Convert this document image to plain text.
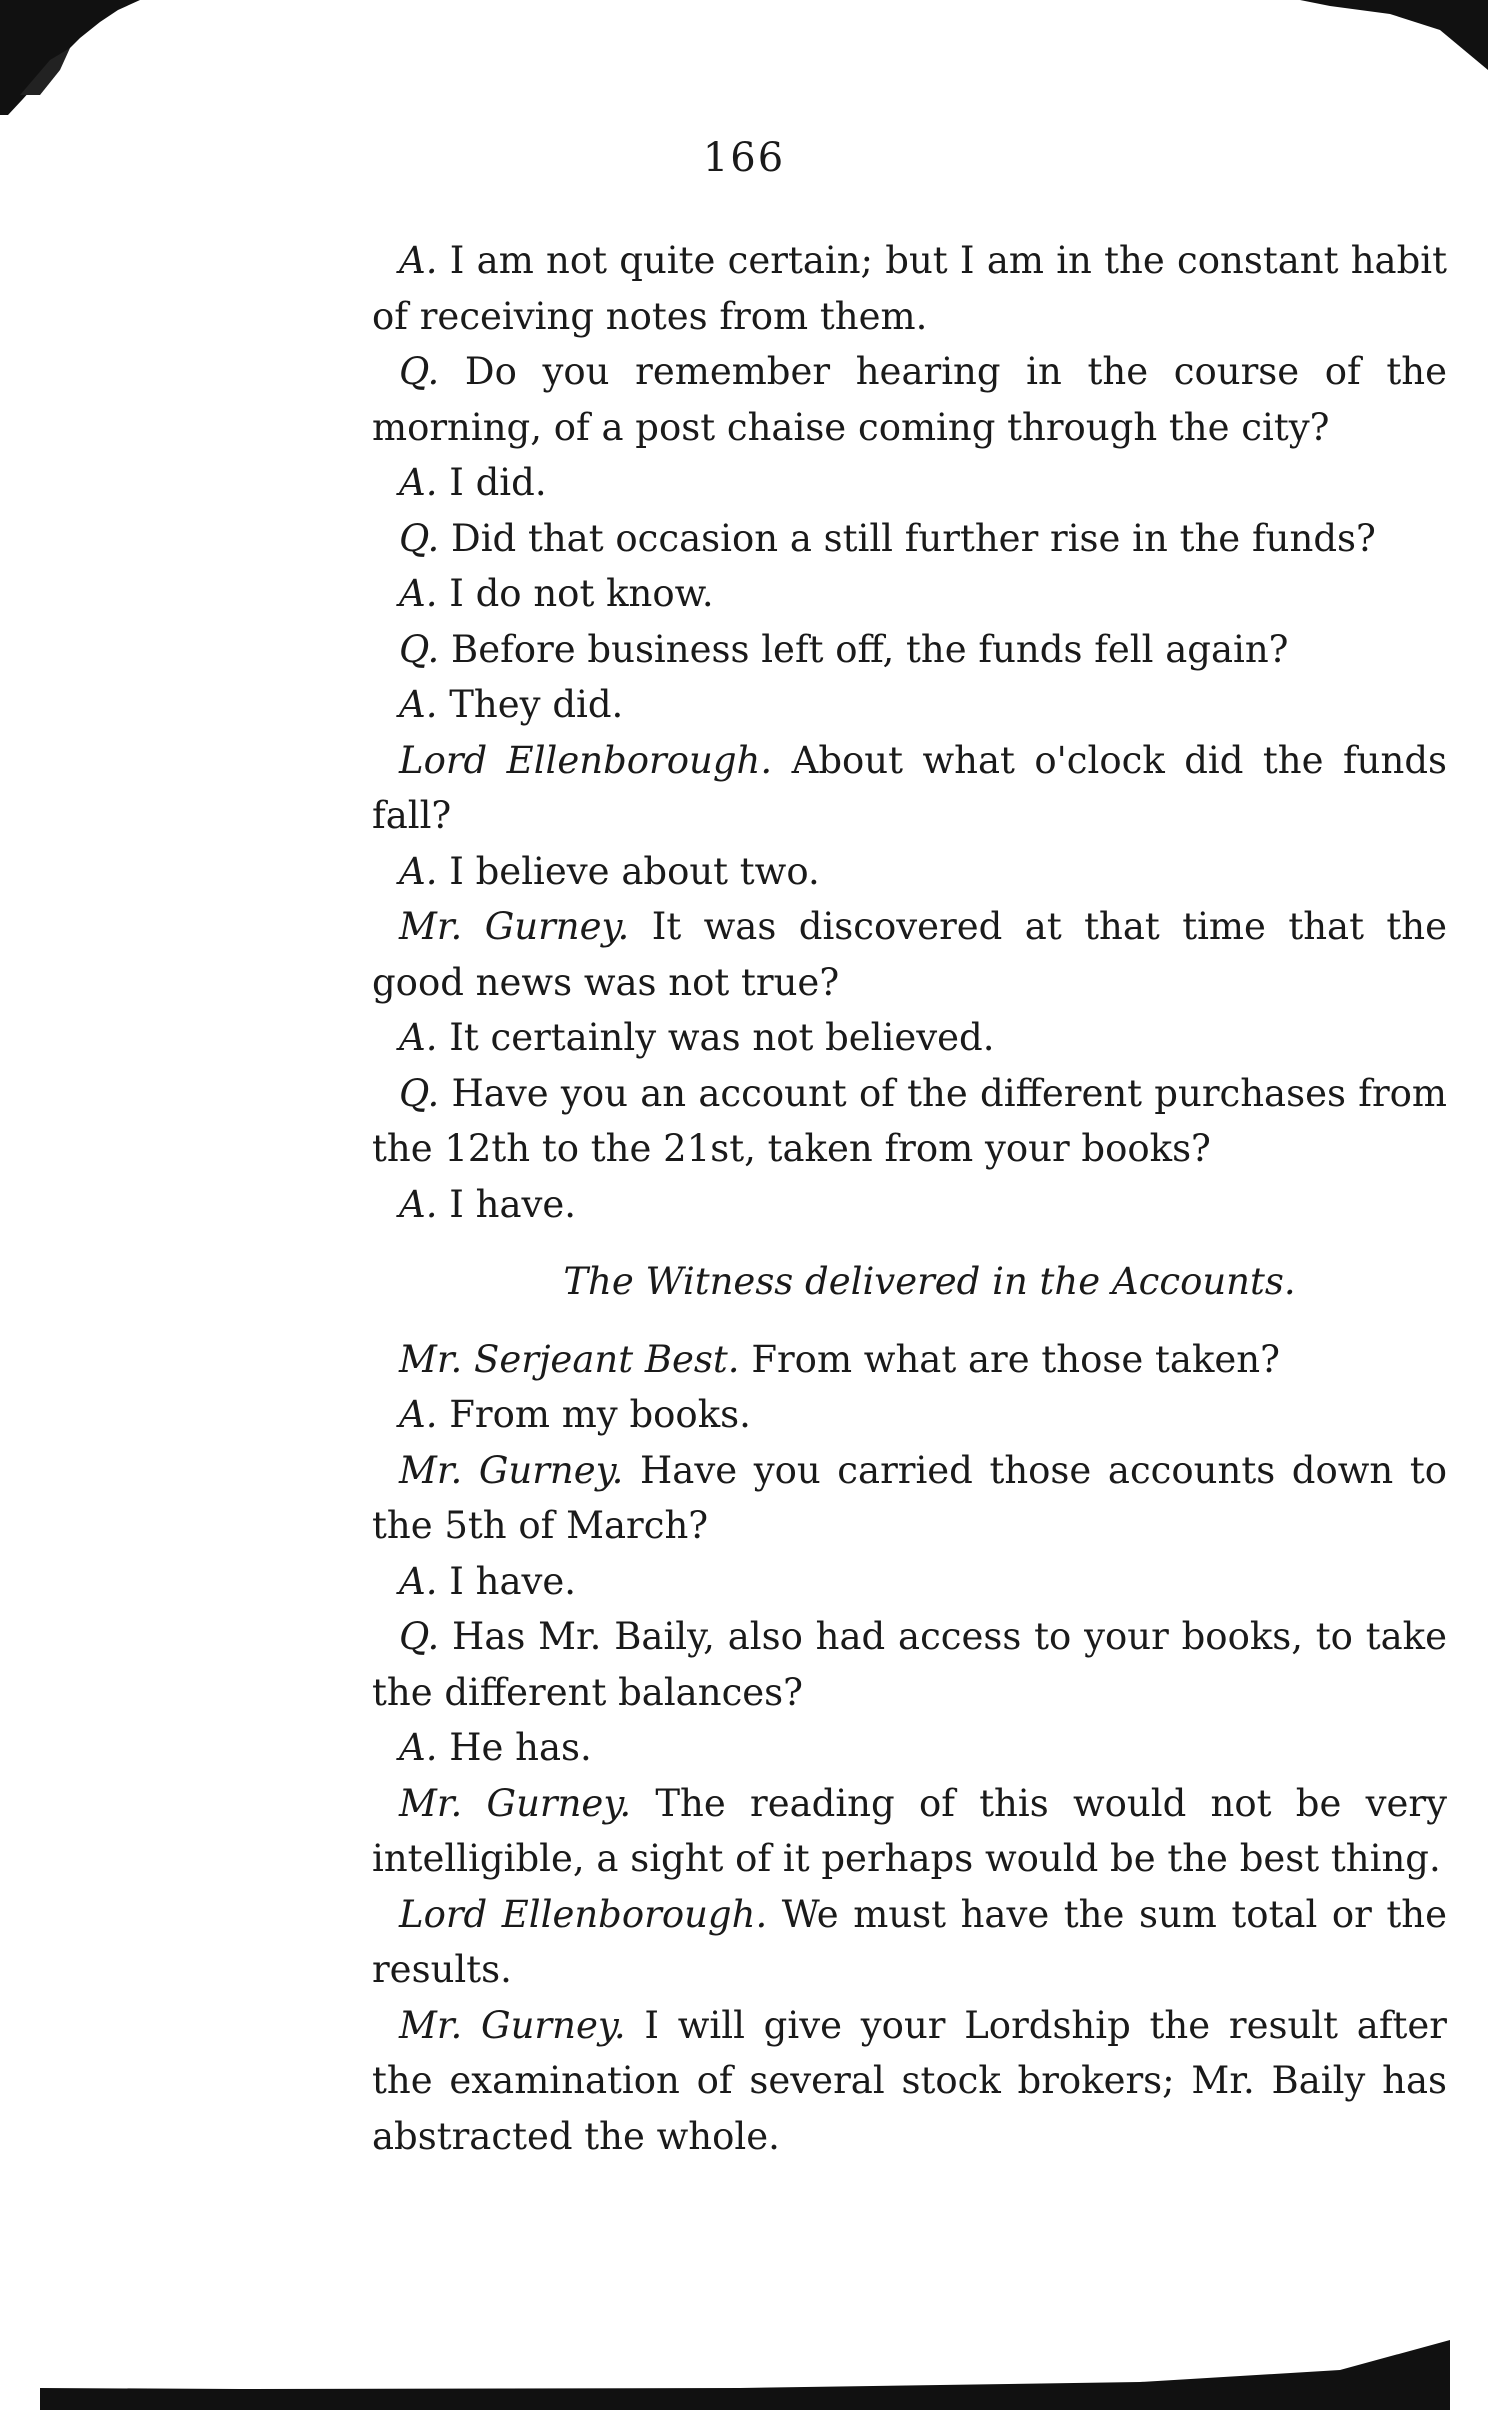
166

A. I am not quite certain; but I am in the constant habit of receiving notes from them.

Q. Do you remember hearing in the course of the morning, of a post chaise coming through the city?

A. I did.

Q. Did that occasion a still further rise in the funds?

A. I do not know.

Q. Before business left off, the funds fell again?

A. They did.

Lord Ellenborough. About what o'clock did the funds fall?

A. I believe about two.

Mr. Gurney. It was discovered at that time that the good news was not true?

A. It certainly was not believed.

Q. Have you an account of the different purchases from the 12th to the 21st, taken from your books?

A. I have.

The Witness delivered in the Accounts.

Mr. Serjeant Best. From what are those taken?

A. From my books.

Mr. Gurney. Have you carried those accounts down to the 5th of March?

A. I have.

Q. Has Mr. Baily, also had access to your books, to take the different balances?

A. He has.

Mr. Gurney. The reading of this would not be very intelligible, a sight of it perhaps would be the best thing.

Lord Ellenborough. We must have the sum total or the results.

Mr. Gurney. I will give your Lordship the result after the examination of several stock brokers; Mr. Baily has abstracted the whole.
